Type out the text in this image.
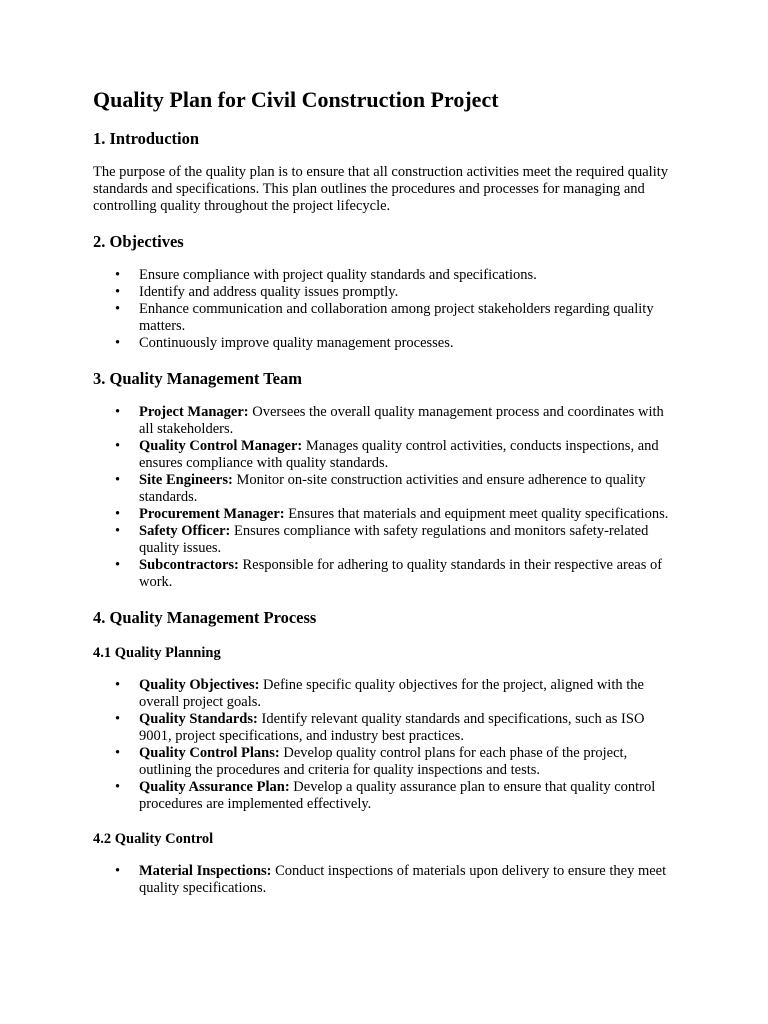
Quality Plan for Civil Construction Project
1. Introduction

The purpose of the quality plan is to ensure that all construction activities meet the required quality standards and specifications. This plan outlines the procedures and processes for managing and controlling quality throughout the project lifecycle.

2. Objectives
• Ensure compliance with project quality standards and specifications.
• Identify and address quality issues promptly.
• Enhance communication and collaboration among project stakeholders regarding quality matters.
• Continuously improve quality management processes.
3. Quality Management Team
• Project Manager: Oversees the overall quality management process and coordinates with all stakeholders.
• Quality Control Manager: Manages quality control activities, conducts inspections, and ensures compliance with quality standards.
• Site Engineers: Monitor on-site construction activities and ensure adherence to quality standards.
• Procurement Manager: Ensures that materials and equipment meet quality specifications.
• Safety Officer: Ensures compliance with safety regulations and monitors safety-related quality issues.
• Subcontractors: Responsible for adhering to quality standards in their respective areas of work.
4. Quality Management Process
4.1 Quality Planning
• Quality Objectives: Define specific quality objectives for the project, aligned with the overall project goals.
• Quality Standards: Identify relevant quality standards and specifications, such as ISO 9001, project specifications, and industry best practices.
• Quality Control Plans: Develop quality control plans for each phase of the project, outlining the procedures and criteria for quality inspections and tests.
• Quality Assurance Plan: Develop a quality assurance plan to ensure that quality control procedures are implemented effectively.
4.2 Quality Control
• Material Inspections: Conduct inspections of materials upon delivery to ensure they meet quality specifications.
